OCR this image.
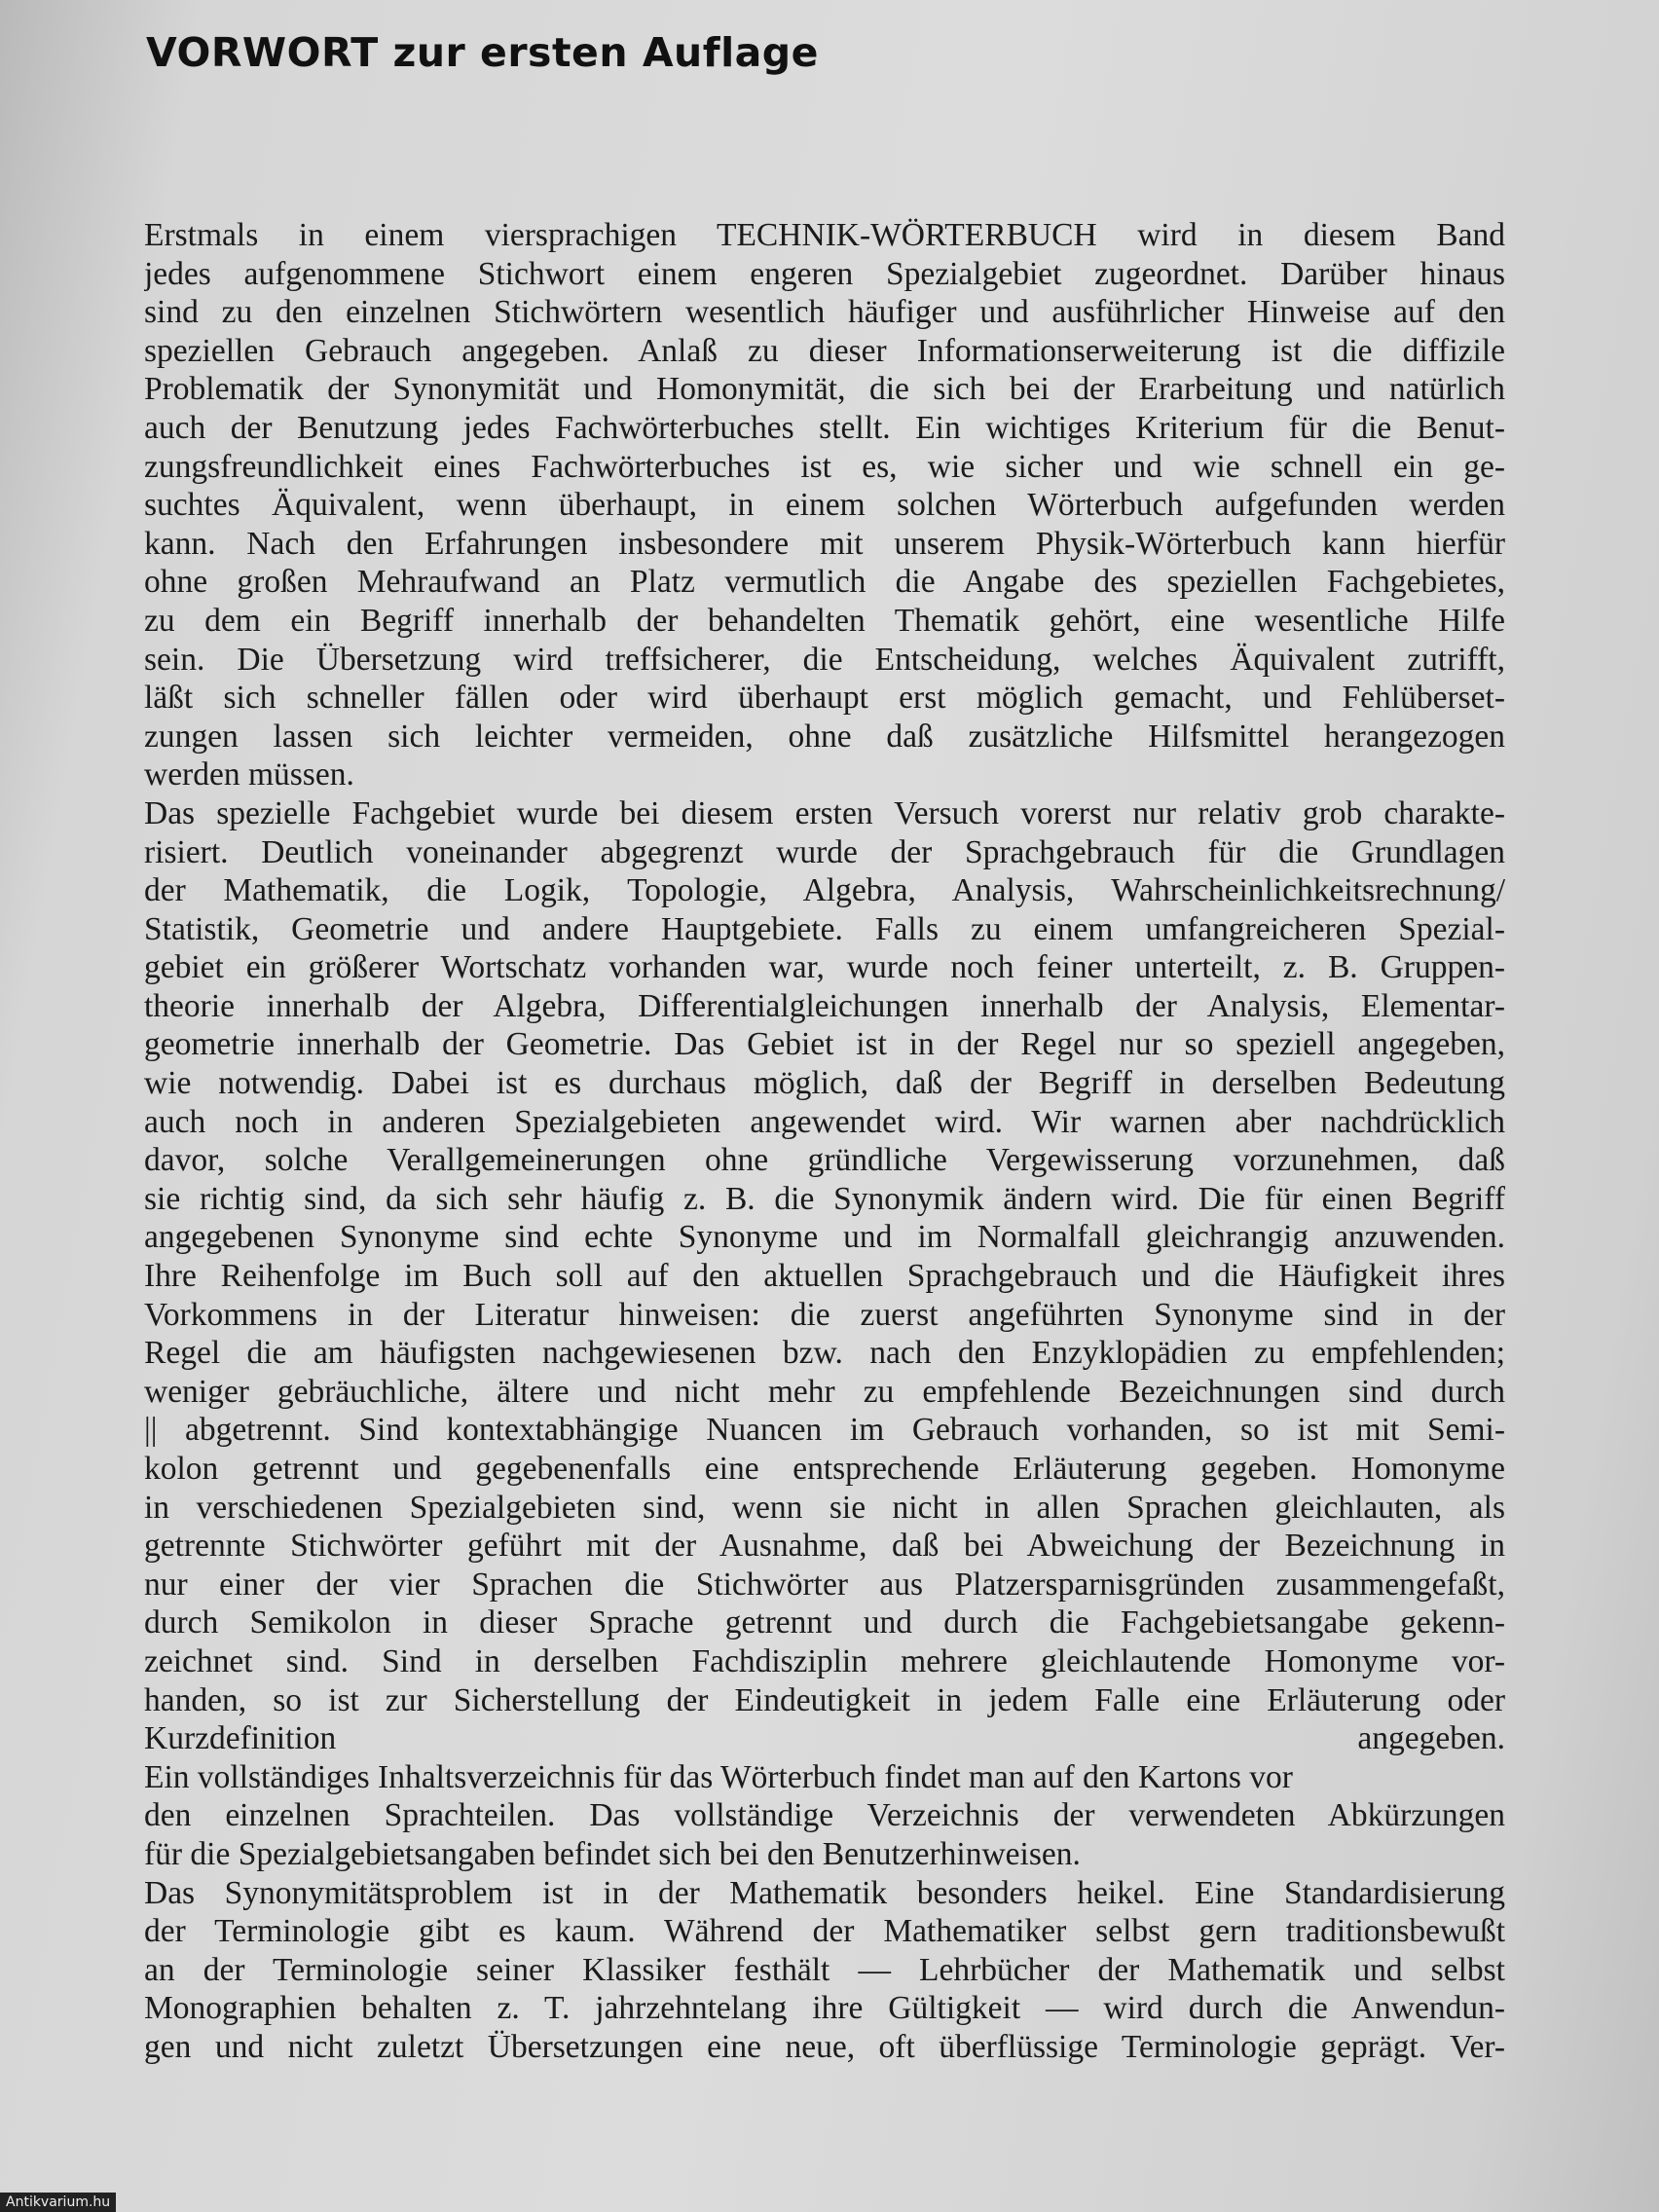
VORWORT zur ersten Auflage
Erstmals in einem viersprachigen TECHNIK-WÖRTERBUCH wird in diesem Band
jedes aufgenommene Stichwort einem engeren Spezialgebiet zugeordnet. Darüber hinaus
sind zu den einzelnen Stichwörtern wesentlich häufiger und ausführlicher Hinweise auf den
speziellen Gebrauch angegeben. Anlaß zu dieser Informationserweiterung ist die diffizile
Problematik der Synonymität und Homonymität, die sich bei der Erarbeitung und natürlich
auch der Benutzung jedes Fachwörterbuches stellt. Ein wichtiges Kriterium für die Benut-
zungsfreundlichkeit eines Fachwörterbuches ist es, wie sicher und wie schnell ein ge-
suchtes Äquivalent, wenn überhaupt, in einem solchen Wörterbuch aufgefunden werden
kann. Nach den Erfahrungen insbesondere mit unserem Physik-Wörterbuch kann hierfür
ohne großen Mehraufwand an Platz vermutlich die Angabe des speziellen Fachgebietes,
zu dem ein Begriff innerhalb der behandelten Thematik gehört, eine wesentliche Hilfe
sein. Die Übersetzung wird treffsicherer, die Entscheidung, welches Äquivalent zutrifft,
läßt sich schneller fällen oder wird überhaupt erst möglich gemacht, und Fehlüberset-
zungen lassen sich leichter vermeiden, ohne daß zusätzliche Hilfsmittel herangezogen
werden müssen.
Das spezielle Fachgebiet wurde bei diesem ersten Versuch vorerst nur relativ grob charakte-
risiert. Deutlich voneinander abgegrenzt wurde der Sprachgebrauch für die Grundlagen
der Mathematik, die Logik, Topologie, Algebra, Analysis, Wahrscheinlichkeitsrechnung/
Statistik, Geometrie und andere Hauptgebiete. Falls zu einem umfangreicheren Spezial-
gebiet ein größerer Wortschatz vorhanden war, wurde noch feiner unterteilt, z. B. Gruppen-
theorie innerhalb der Algebra, Differentialgleichungen innerhalb der Analysis, Elementar-
geometrie innerhalb der Geometrie. Das Gebiet ist in der Regel nur so speziell angegeben,
wie notwendig. Dabei ist es durchaus möglich, daß der Begriff in derselben Bedeutung
auch noch in anderen Spezialgebieten angewendet wird. Wir warnen aber nachdrücklich
davor, solche Verallgemeinerungen ohne gründliche Vergewisserung vorzunehmen, daß
sie richtig sind, da sich sehr häufig z. B. die Synonymik ändern wird. Die für einen Begriff
angegebenen Synonyme sind echte Synonyme und im Normalfall gleichrangig anzuwenden.
Ihre Reihenfolge im Buch soll auf den aktuellen Sprachgebrauch und die Häufigkeit ihres
Vorkommens in der Literatur hinweisen: die zuerst angeführten Synonyme sind in der
Regel die am häufigsten nachgewiesenen bzw. nach den Enzyklopädien zu empfehlenden;
weniger gebräuchliche, ältere und nicht mehr zu empfehlende Bezeichnungen sind durch
|| abgetrennt. Sind kontextabhängige Nuancen im Gebrauch vorhanden, so ist mit Semi-
kolon getrennt und gegebenenfalls eine entsprechende Erläuterung gegeben. Homonyme
in verschiedenen Spezialgebieten sind, wenn sie nicht in allen Sprachen gleichlauten, als
getrennte Stichwörter geführt mit der Ausnahme, daß bei Abweichung der Bezeichnung in
nur einer der vier Sprachen die Stichwörter aus Platzersparnisgründen zusammengefaßt,
durch Semikolon in dieser Sprache getrennt und durch die Fachgebietsangabe gekenn-
zeichnet sind. Sind in derselben Fachdisziplin mehrere gleichlautende Homonyme vor-
handen, so ist zur Sicherstellung der Eindeutigkeit in jedem Falle eine Erläuterung oder
Kurzdefinition angegeben.
Ein vollständiges Inhaltsverzeichnis für das Wörterbuch findet man auf den Kartons vor
den einzelnen Sprachteilen. Das vollständige Verzeichnis der verwendeten Abkürzungen
für die Spezialgebietsangaben befindet sich bei den Benutzerhinweisen.
Das Synonymitätsproblem ist in der Mathematik besonders heikel. Eine Standardisierung
der Terminologie gibt es kaum. Während der Mathematiker selbst gern traditionsbewußt
an der Terminologie seiner Klassiker festhält — Lehrbücher der Mathematik und selbst
Monographien behalten z. T. jahrzehntelang ihre Gültigkeit — wird durch die Anwendun-
gen und nicht zuletzt Übersetzungen eine neue, oft überflüssige Terminologie geprägt. Ver-
Antikvarium.hu
